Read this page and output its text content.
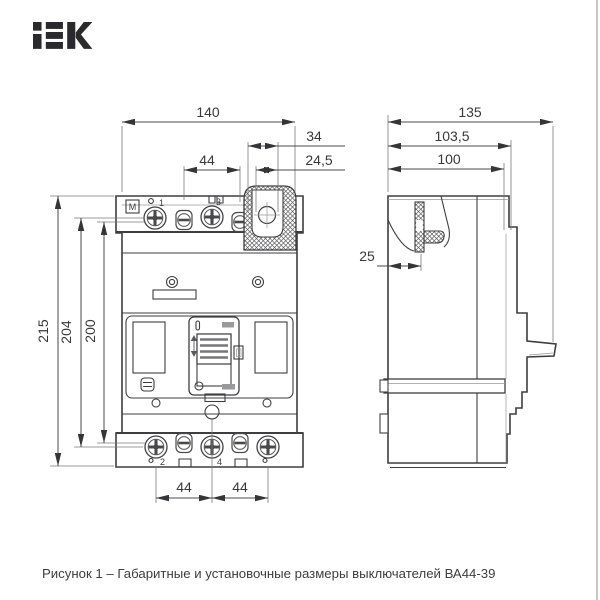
M	1	3
2	4
140
44
34
24,5
215 204 200
44	44
135
103,5
100
25
Рисунок 1 – Габаритные и установочные размеры выключателей ВА44-39
